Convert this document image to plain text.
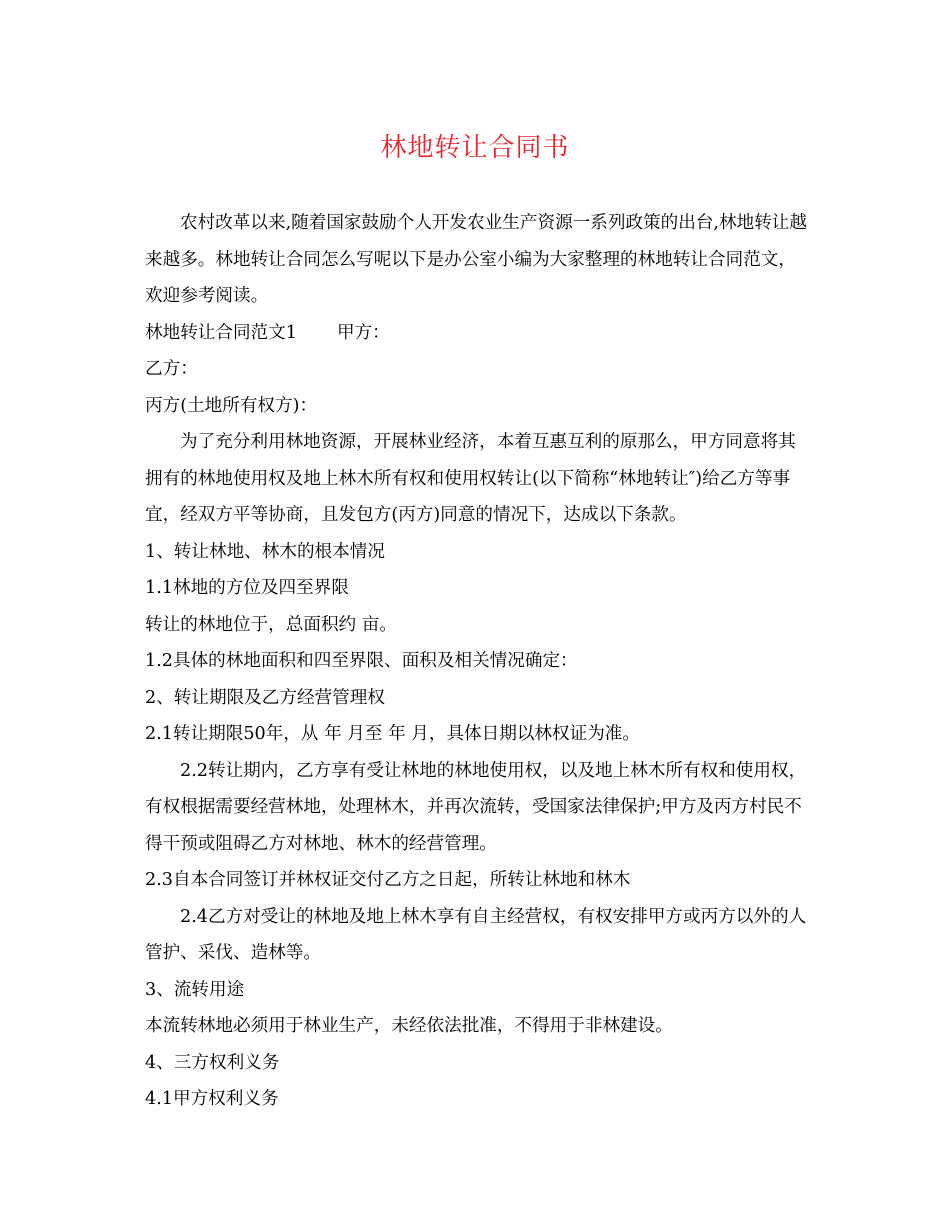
林地转让合同书

农村改革以来,随着国家鼓励个人开发农业生产资源一系列政策的出台,林地转让越来越多。林地转让合同怎么写呢以下是办公室小编为大家整理的林地转让合同范文，欢迎参考阅读。

林地转让合同范文1 甲方：

乙方：

丙方(土地所有权方)：

为了充分利用林地资源，开展林业经济，本着互惠互利的原那么，甲方同意将其拥有的林地使用权及地上林木所有权和使用权转让(以下简称“林地转让″)给乙方等事宜，经双方平等协商，且发包方(丙方)同意的情况下，达成以下条款。

1、转让林地、林木的根本情况

1.1林地的方位及四至界限

转让的林地位于，总面积约 亩。

1.2具体的林地面积和四至界限、面积及相关情况确定：

2、转让期限及乙方经营管理权

2.1转让期限50年，从 年 月至 年 月，具体日期以林权证为准。

2.2转让期内，乙方享有受让林地的林地使用权，以及地上林木所有权和使用权，有权根据需要经营林地，处理林木，并再次流转，受国家法律保护;甲方及丙方村民不得干预或阻碍乙方对林地、林木的经营管理。

2.3自本合同签订并林权证交付乙方之日起，所转让林地和林木

2.4乙方对受让的林地及地上林木享有自主经营权，有权安排甲方或丙方以外的人管护、采伐、造林等。

3、流转用途

本流转林地必须用于林业生产，未经依法批准，不得用于非林建设。

4、三方权利义务

4.1甲方权利义务
